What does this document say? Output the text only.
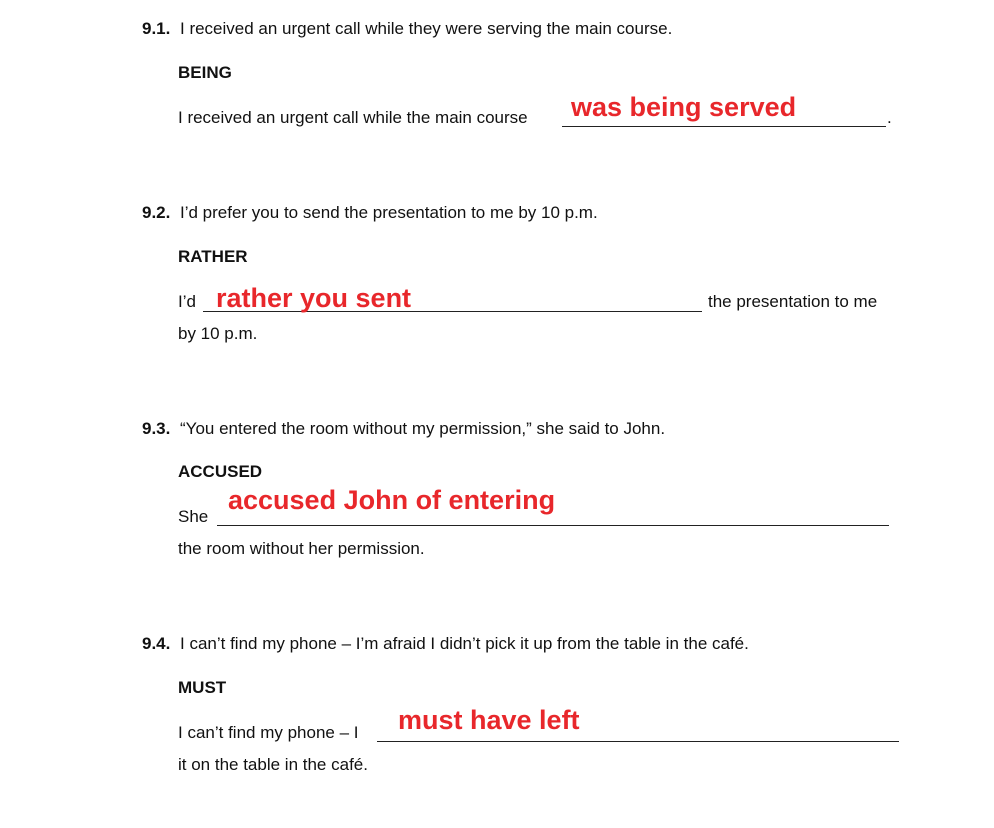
9.1. I received an urgent call while they were serving the main course.
BEING
I received an urgent call while the main course	.
was being served
9.2. I’d prefer you to send the presentation to me by 10 p.m.
RATHER
I’d	the presentation to me
by 10 p.m.
rather you sent
9.3. “You entered the room without my permission,” she said to John.
ACCUSED
She
the room without her permission.
accused John of entering
9.4. I can’t find my phone – I’m afraid I didn’t pick it up from the table in the café.
MUST
I can’t find my phone – I
it on the table in the café.
must have left
